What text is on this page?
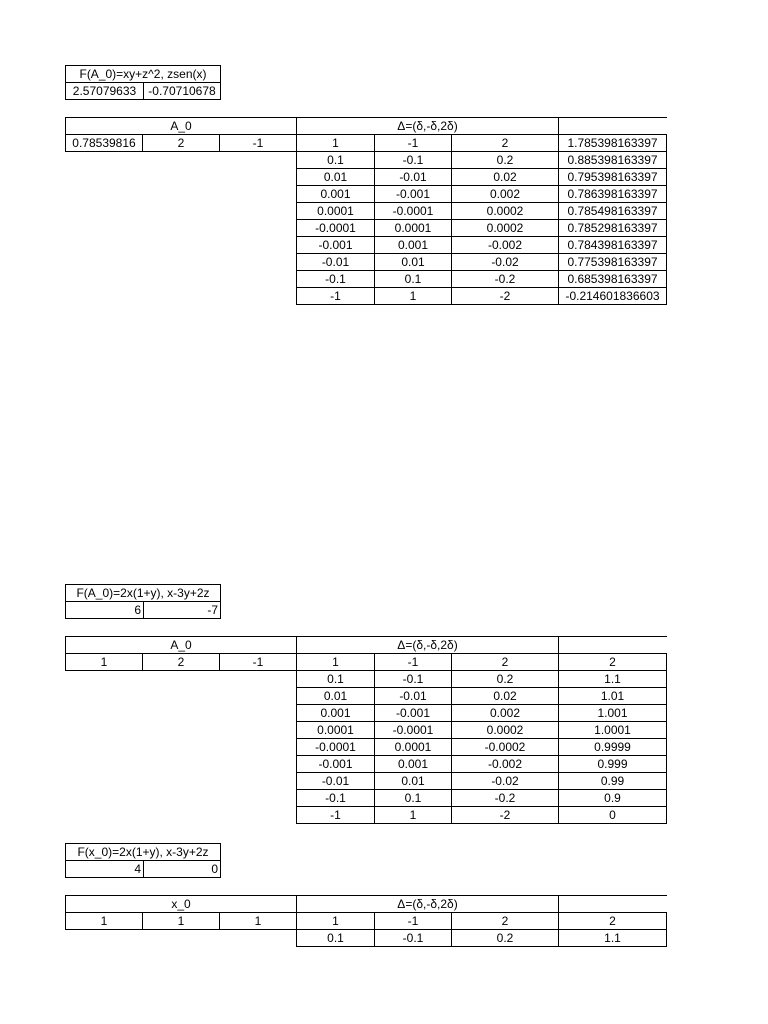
F(A_0)=xy+z^2, zsen(x)
2.57079633	-0.70710678
A_0			Δ=(δ,-δ,2δ)			
0.78539816	2	-1	1	-1	2	1.785398163397
			0.1	-0.1	0.2	0.885398163397
			0.01	-0.01	0.02	0.795398163397
			0.001	-0.001	0.002	0.786398163397
			0.0001	-0.0001	0.0002	0.785498163397
			-0.0001	0.0001	0.0002	0.785298163397
			-0.001	0.001	-0.002	0.784398163397
			-0.01	0.01	-0.02	0.775398163397
			-0.1	0.1	-0.2	0.685398163397
			-1	1	-2	-0.214601836603
F(A_0)=2x(1+y), x-3y+2z
6	-7
A_0			Δ=(δ,-δ,2δ)			
1	2	-1	1	-1	2	2
			0.1	-0.1	0.2	1.1
			0.01	-0.01	0.02	1.01
			0.001	-0.001	0.002	1.001
			0.0001	-0.0001	0.0002	1.0001
			-0.0001	0.0001	-0.0002	0.9999
			-0.001	0.001	-0.002	0.999
			-0.01	0.01	-0.02	0.99
			-0.1	0.1	-0.2	0.9
			-1	1	-2	0
F(x_0)=2x(1+y), x-3y+2z
4	0
x_0			Δ=(δ,-δ,2δ)			
1	1	1	1	-1	2	2
			0.1	-0.1	0.2	1.1
